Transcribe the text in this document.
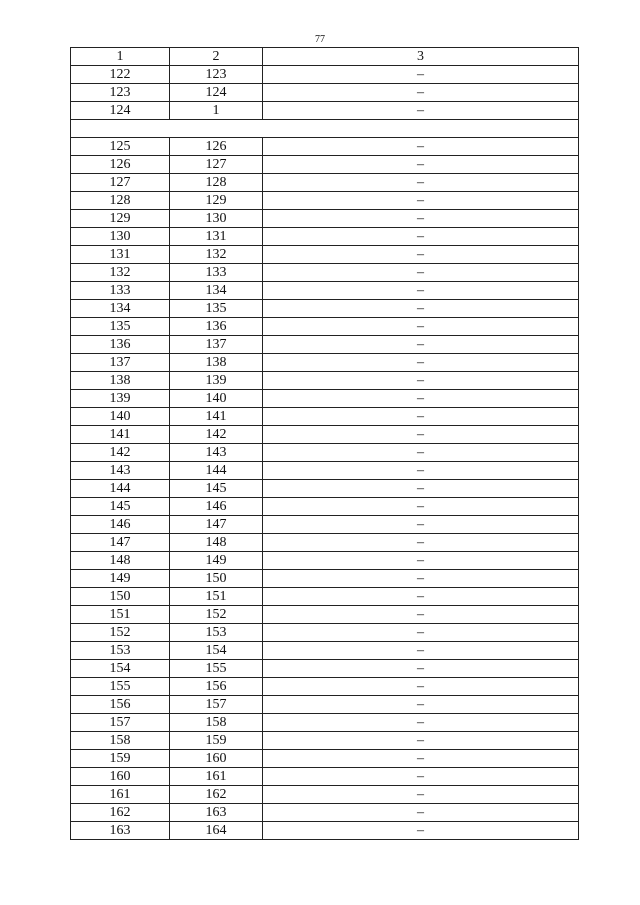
77
1	2	3
122	123	–
123	124	–
124	1	–

125	126	–
126	127	–
127	128	–
128	129	–
129	130	–
130	131	–
131	132	–
132	133	–
133	134	–
134	135	–
135	136	–
136	137	–
137	138	–
138	139	–
139	140	–
140	141	–
141	142	–
142	143	–
143	144	–
144	145	–
145	146	–
146	147	–
147	148	–
148	149	–
149	150	–
150	151	–
151	152	–
152	153	–
153	154	–
154	155	–
155	156	–
156	157	–
157	158	–
158	159	–
159	160	–
160	161	–
161	162	–
162	163	–
163	164	–
